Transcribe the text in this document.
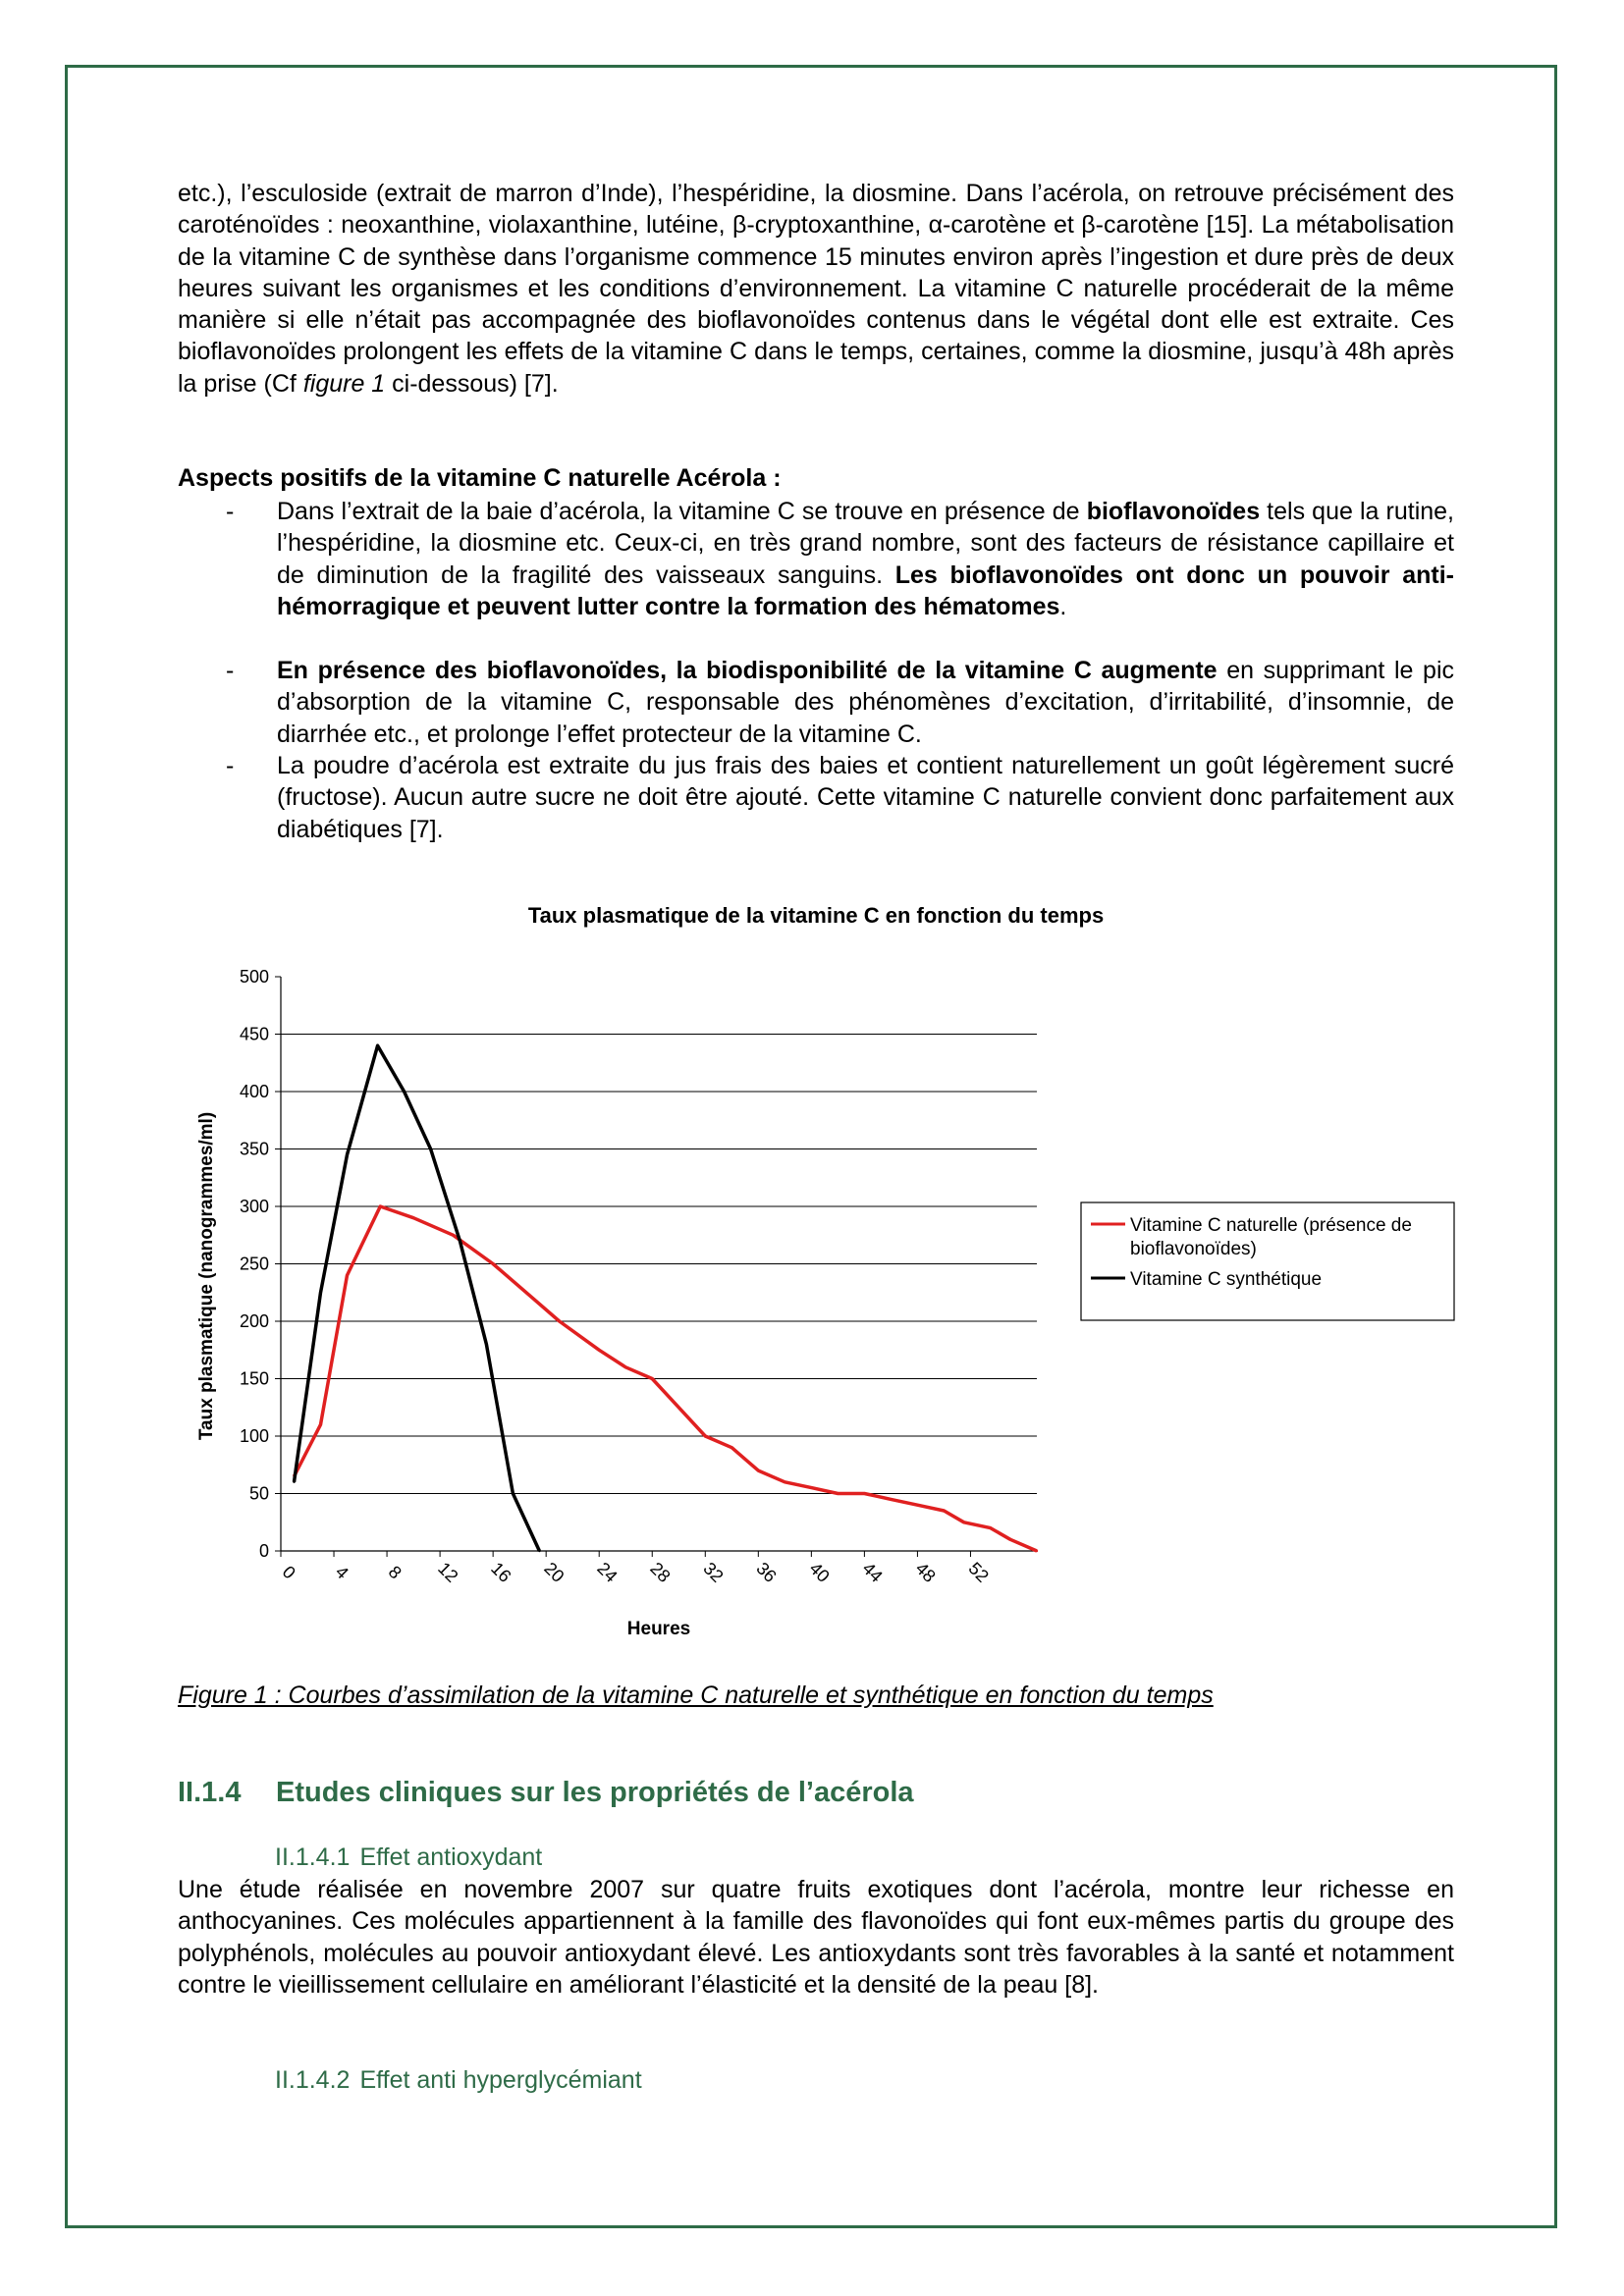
etc.), l’esculoside (extrait de marron d’Inde), l’hespéridine, la diosmine. Dans l’acérola, on retrouve précisément des caroténoïdes : neoxanthine, violaxanthine, lutéine, β-cryptoxanthine, α-carotène et β-carotène [15]. La métabolisation de la vitamine C de synthèse dans l’organisme commence 15 minutes environ après l’ingestion et dure près de deux heures suivant les organismes et les conditions d’environnement. La vitamine C naturelle procéderait de la même manière si elle n’était pas accompagnée des bioflavonoïdes contenus dans le végétal dont elle est extraite. Ces bioflavonoïdes prolongent les effets de la vitamine C dans le temps, certaines, comme la diosmine, jusqu’à 48h après la prise (Cf figure 1 ci-dessous) [7].

Aspects positifs de la vitamine C naturelle Acérola :

- Dans l’extrait de la baie d’acérola, la vitamine C se trouve en présence de bioflavonoïdes tels que la rutine, l’hespéridine, la diosmine etc. Ceux-ci, en très grand nombre, sont des facteurs de résistance capillaire et de diminution de la fragilité des vaisseaux sanguins. Les bioflavonoïdes ont donc un pouvoir anti-hémorragique et peuvent lutter contre la formation des hématomes.
- En présence des bioflavonoïdes, la biodisponibilité de la vitamine C augmente en supprimant le pic d’absorption de la vitamine C, responsable des phénomènes d’excitation, d’irritabilité, d’insomnie, de diarrhée etc., et prolonge l’effet protecteur de la vitamine C.
- La poudre d’acérola est extraite du jus frais des baies et contient naturellement un goût légèrement sucré (fructose). Aucun autre sucre ne doit être ajouté. Cette vitamine C naturelle convient donc parfaitement aux diabétiques [7].
Taux plasmatique de la vitamine C en fonction du temps
0
50
100
150
200
250
300
350
400
450
500
0 4 8 12 16 20 24 28 32 36 40 44 48 52
Taux plasmatique (nanogrammes/ml)
Heures
Vitamine C naturelle (présence de
bioflavonoïdes)
Vitamine C synthétique

Figure 1 : Courbes d’assimilation de la vitamine C naturelle et synthétique en fonction du temps

II.1.4 Etudes cliniques sur les propriétés de l’acérola

II.1.4.1 Effet antioxydant

Une étude réalisée en novembre 2007 sur quatre fruits exotiques dont l’acérola, montre leur richesse en anthocyanines. Ces molécules appartiennent à la famille des flavonoïdes qui font eux-mêmes partis du groupe des polyphénols, molécules au pouvoir antioxydant élevé. Les antioxydants sont très favorables à la santé et notamment contre le vieillissement cellulaire en améliorant l’élasticité et la densité de la peau [8].

II.1.4.2 Effet anti hyperglycémiant
